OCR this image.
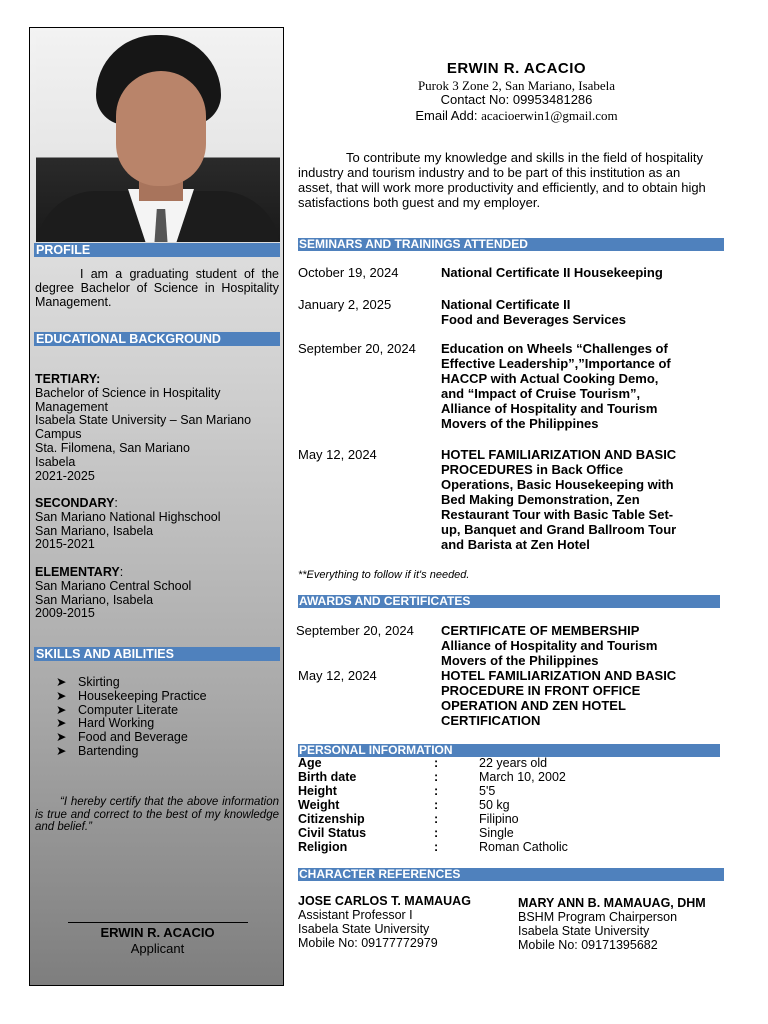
PROFILE
I am a graduating student of the degree Bachelor of Science in Hospitality Management.
EDUCATIONAL BACKGROUND
TERTIARY:
Bachelor of Science in Hospitality
Management
Isabela State University – San Mariano
Campus
Sta. Filomena, San Mariano
Isabela
2021-2025
SECONDARY:
San Mariano National Highschool
San Mariano, Isabela
2015-2021
ELEMENTARY:
San Mariano Central School
San Mariano, Isabela
2009-2015
SKILLS AND ABILITIES
➤ Skirting
➤ Housekeeping Practice
➤ Computer Literate
➤ Hard Working
➤ Food and Beverage
➤ Bartending
“I hereby certify that the above information is true and correct to the best of my knowledge and belief.”
ERWIN R. ACACIO
Applicant
ERWIN R. ACACIO
Purok 3 Zone 2, San Mariano, Isabela
Contact No: 09953481286
Email Add: acacioerwin1@gmail.com
To contribute my knowledge and skills in the field of hospitality industry and tourism industry and to be part of this institution as an asset, that will work more productivity and efficiently, and to obtain high satisfactions both guest and my employer.
SEMINARS AND TRAININGS ATTENDED
October 19, 2024	National Certificate II Housekeeping
January 2, 2025	National Certificate II
Food and Beverages Services
September 20, 2024 Education on Wheels “Challenges of
Effective Leadership”,”Importance of
HACCP with Actual Cooking Demo,
and “Impact of Cruise Tourism”,
Alliance of Hospitality and Tourism
Movers of the Philippines
May 12, 2024	HOTEL FAMILIARIZATION AND BASIC
PROCEDURES in Back Office
Operations, Basic Housekeeping with
Bed Making Demonstration, Zen
Restaurant Tour with Basic Table Set-
up, Banquet and Grand Ballroom Tour
and Barista at Zen Hotel
**Everything to follow if it's needed.
AWARDS AND CERTIFICATES
September 20, 2024 CERTIFICATE OF MEMBERSHIP
Alliance of Hospitality and Tourism
Movers of the Philippines
May 12, 2024	HOTEL FAMILIARIZATION AND BASIC
PROCEDURE IN FRONT OFFICE
OPERATION AND ZEN HOTEL
CERTIFICATION
PERSONAL INFORMATION
Age	:	22 years old
Birth date	:	March 10, 2002
Height	:	5'5
Weight	:	50 kg
Citizenship	:	Filipino
Civil Status	:	Single
Religion	:	Roman Catholic
CHARACTER REFERENCES
JOSE CARLOS T. MAMAUAG
Assistant Professor I
Isabela State University
Mobile No: 09177772979
MARY ANN B. MAMAUAG, DHM
BSHM Program Chairperson
Isabela State University
Mobile No: 09171395682
